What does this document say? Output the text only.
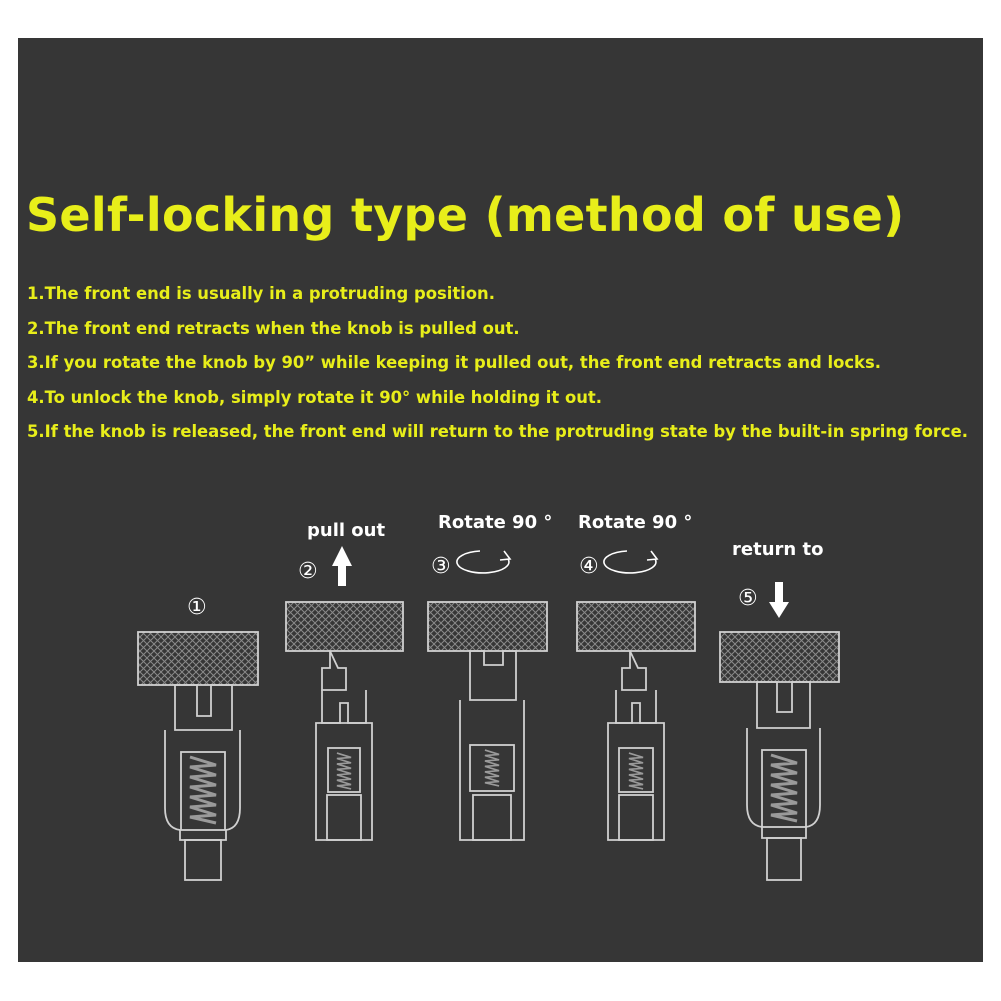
Self-locking type (method of use)
1.The front end is usually in a protruding position.
2.The front end retracts when the knob is pulled out.
3.If you rotate the knob by 90” while keeping it pulled out, the front end retracts and locks.
4.To unlock the knob, simply rotate it 90° while holding it out.
5.If the knob is released, the front end will return to the protruding state by the built-in spring force.
pull out	Rotate 90 ° Rotate 90 °
return to
①
②	③	④
⑤
